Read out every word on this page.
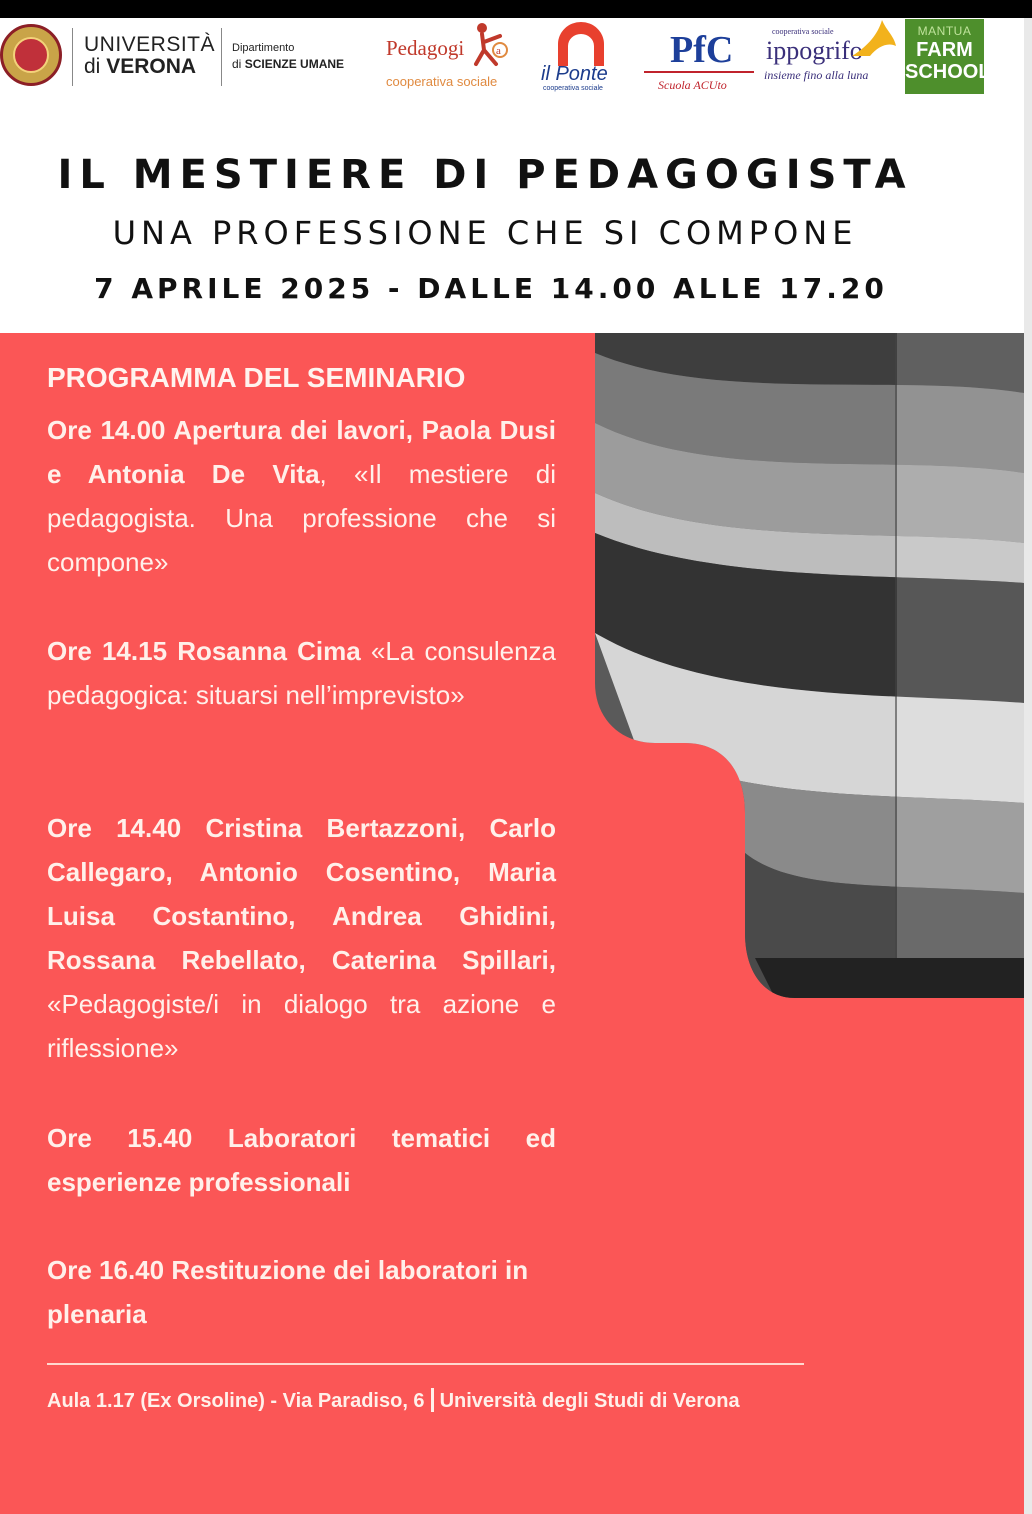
UNIVERSITÀ
di VERONA
Dipartimento
di SCIENZE UMANE
Pedagogi	a
cooperativa sociale il Ponte
cooperativa sociale
PfC
Scuola ACUto
cooperativa sociale
ippogrifo
insieme fino alla luna
MANTUA
FARM
SCHOOL
IL MESTIERE DI PEDAGOGISTA
UNA PROFESSIONE CHE SI COMPONE
7 APRILE 2025 - DALLE 14.00 ALLE 17.20
PROGRAMMA DEL SEMINARIO
Ore 14.00 Apertura dei lavori, Paola Dusi e Antonia De Vita, «Il mestiere di pedagogista. Una professione che si compone»
Ore 14.15 Rosanna Cima «La consulenza pedagogica: situarsi nell’imprevisto»
Ore 14.40 Cristina Bertazzoni, Carlo Callegaro, Antonio Cosentino, Maria Luisa Costantino, Andrea Ghidini, Rossana Rebellato, Caterina Spillari, «Pedagogiste/i in dialogo tra azione e riflessione»
Ore 15.40 Laboratori tematici ed esperienze professionali
Ore 16.40 Restituzione dei laboratori in plenaria
Aula 1.17 (Ex Orsoline) - Via Paradiso, 6 Università degli Studi di Verona
